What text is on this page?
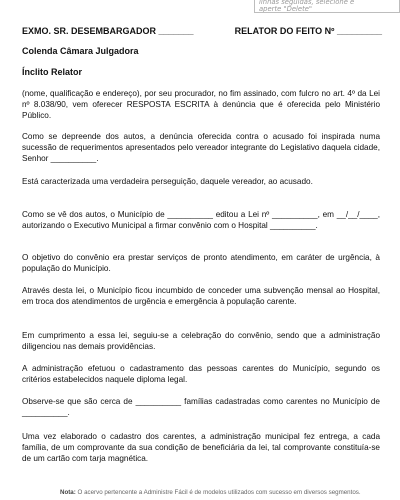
linhas seguidas, selecione e
aperte "Delete"
EXMO. SR. DESEMBARGADOR _______	RELATOR DO FEITO Nº _________
Colenda Câmara Julgadora
Ínclito Relator

(nome, qualificação e endereço), por seu procurador, no fim assinado, com fulcro no art. 4º da Lei nº 8.038/90, vem oferecer RESPOSTA ESCRITA à denúncia que é oferecida pelo Ministério Público.

Como se depreende dos autos, a denúncia oferecida contra o acusado foi inspirada numa sucessão de requerimentos apresentados pelo vereador integrante do Legislativo daquela cidade, Senhor __________.

Está caracterizada uma verdadeira perseguição, daquele vereador, ao acusado.

Como se vê dos autos, o Município de __________ editou a Lei nº __________, em __/__/____, autorizando o Executivo Municipal a firmar convênio com o Hospital __________.

O objetivo do convênio era prestar serviços de pronto atendimento, em caráter de urgência, à população do Município.

Através desta lei, o Município ficou incumbido de conceder uma subvenção mensal ao Hospital, em troca dos atendimentos de urgência e emergência à população carente.

Em cumprimento a essa lei, seguiu-se a celebração do convênio, sendo que a administração diligenciou nas demais providências.

A administração efetuou o cadastramento das pessoas carentes do Município, segundo os critérios estabelecidos naquele diploma legal.

Observe-se que são cerca de __________ famílias cadastradas como carentes no Município de __________.

Uma vez elaborado o cadastro dos carentes, a administração municipal fez entrega, a cada família, de um comprovante da sua condição de beneficiária da lei, tal comprovante constituía-se de um cartão com tarja magnética.

Nota: O acervo pertencente a Administre Fácil é de modelos utilizados com sucesso em diversos segmentos.
